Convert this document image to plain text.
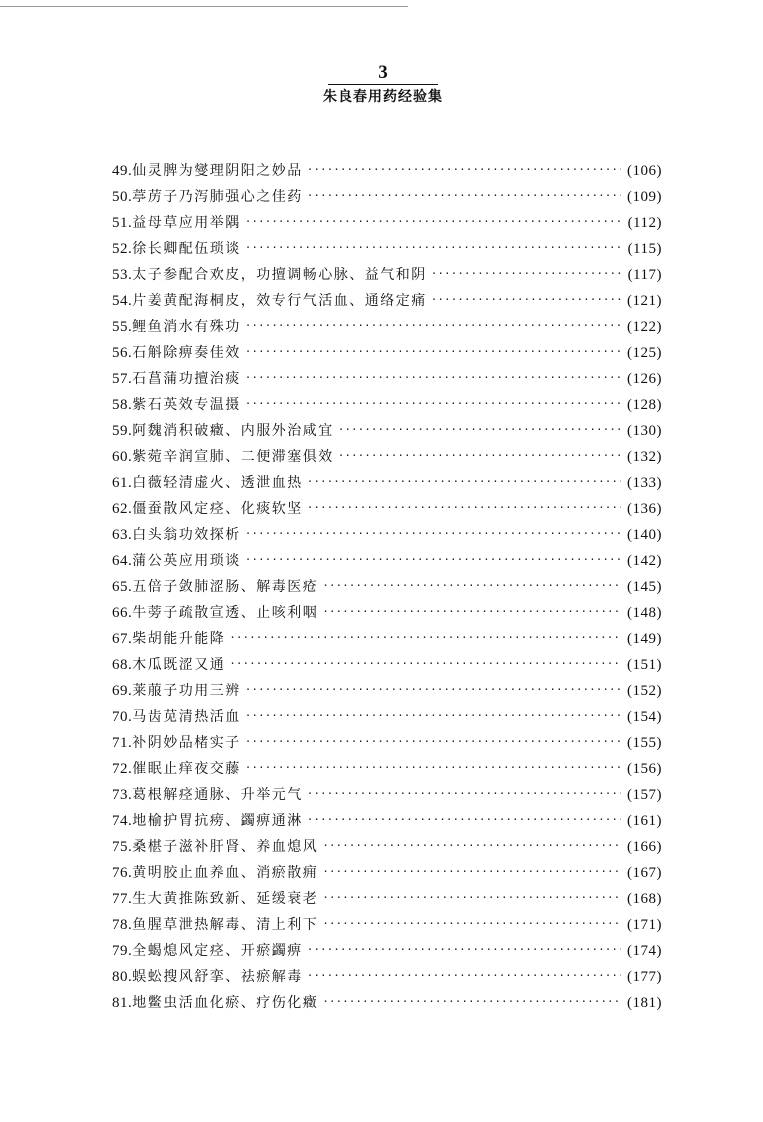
3
朱良春用药经验集
49. 仙灵脾为燮理阴阳之妙品 ·····	(106)
50. 葶苈子乃泻肺强心之佳药 ·····	(109)
51. 益母草应用举隅 ·····	(112)
52. 徐长卿配伍琐谈 ·····	(115)
53. 太子参配合欢皮，功擅调畅心脉、益气和阴 ·····	(117)
54. 片姜黄配海桐皮，效专行气活血、通络定痛 ·····	(121)
55. 鲤鱼消水有殊功 ·····	(122)
56. 石斛除痹奏佳效 ·····	(125)
57. 石菖蒲功擅治痰 ·····	(126)
58. 紫石英效专温摄 ·····	(128)
59. 阿魏消积破癥、内服外治咸宜 ·····	(130)
60. 紫菀辛润宣肺、二便滞塞俱效 ·····	(132)
61. 白薇轻清虚火、透泄血热 ·····	(133)
62. 僵蚕散风定痉、化痰软坚 ·····	(136)
63. 白头翁功效探析 ·····	(140)
64. 蒲公英应用琐谈 ·····	(142)
65. 五倍子敛肺涩肠、解毒医疮 ·····	(145)
66. 牛蒡子疏散宣透、止咳利咽 ·····	(148)
67. 柴胡能升能降 ·····	(149)
68. 木瓜既涩又通 ·····	(151)
69. 莱菔子功用三辨 ·····	(152)
70. 马齿苋清热活血 ·····	(154)
71. 补阴妙品楮实子 ·····	(155)
72. 催眠止痒夜交藤 ·····	(156)
73. 葛根解痉通脉、升举元气 ·····	(157)
74. 地榆护胃抗痨、蠲痹通淋 ·····	(161)
75. 桑椹子滋补肝肾、养血熄风 ·····	(166)
76. 黄明胶止血养血、消瘀散痈 ·····	(167)
77. 生大黄推陈致新、延缓衰老 ·····	(168)
78. 鱼腥草泄热解毒、清上利下 ·····	(171)
79. 全蝎熄风定痉、开瘀蠲痹 ·····	(174)
80. 蜈蚣搜风舒挛、祛瘀解毒 ·····	(177)
81. 地鳖虫活血化瘀、疗伤化癥 ·····	(181)
